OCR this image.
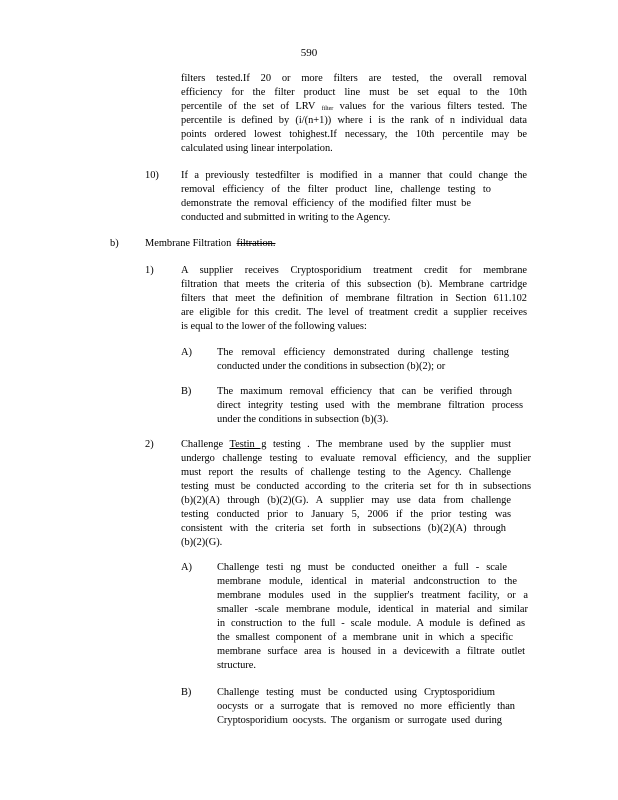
590
filters tested.If 20 or more filters are tested, the overall removal
efficiency for the filter product line must be set equal to the 10th
percentile of the set of LRV filter values for the various filters tested. The
percentile is defined by (i/(n+1)) where i is the rank of n individual data
points ordered lowest tohighest.If necessary, the 10th percentile may be
calculated using linear interpolation.
10) If a previously testedfilter is modified in a manner that could change the
removal efficiency of the filter product line, challenge testing to
demonstrate the removal efficiency of the modified filter must be
conducted and submitted in writing to the Agency.
b)	Membrane Filtration filtration.
1)	A supplier receives Cryptosporidium treatment credit for membrane
filtration that meets the criteria of this subsection (b). Membrane cartridge
filters that meet the definition of membrane filtration in Section 611.102
are eligible for this credit. The level of treatment credit a supplier receives
is equal to the lower of the following values:
A) The removal efficiency demonstrated during challenge testing
conducted under the conditions in subsection (b)(2); or
B) The maximum removal efficiency that can be verified through
direct integrity testing used with the membrane filtration process
under the conditions in subsection (b)(3).
2)	Challenge Testin g testing . The membrane used by the supplier must
undergo challenge testing to evaluate removal efficiency, and the supplier
must report the results of challenge testing to the Agency. Challenge
testing must be conducted according to the criteria set for th in subsections
(b)(2)(A) through (b)(2)(G). A supplier may use data from challenge
testing conducted prior to January 5, 2006 if the prior testing was
consistent with the criteria set forth in subsections (b)(2)(A) through
(b)(2)(G).
A) Challenge testi ng must be conducted oneither a full - scale
membrane module, identical in material andconstruction to the
membrane modules used in the supplier's treatment facility, or a
smaller -scale membrane module, identical in material and similar
in construction to the full - scale module. A module is defined as
the smallest component of a membrane unit in which a specific
membrane surface area is housed in a devicewith a filtrate outlet
structure.
B) Challenge testing must be conducted using Cryptosporidium
oocysts or a surrogate that is removed no more efficiently than
Cryptosporidium oocysts. The organism or surrogate used during
